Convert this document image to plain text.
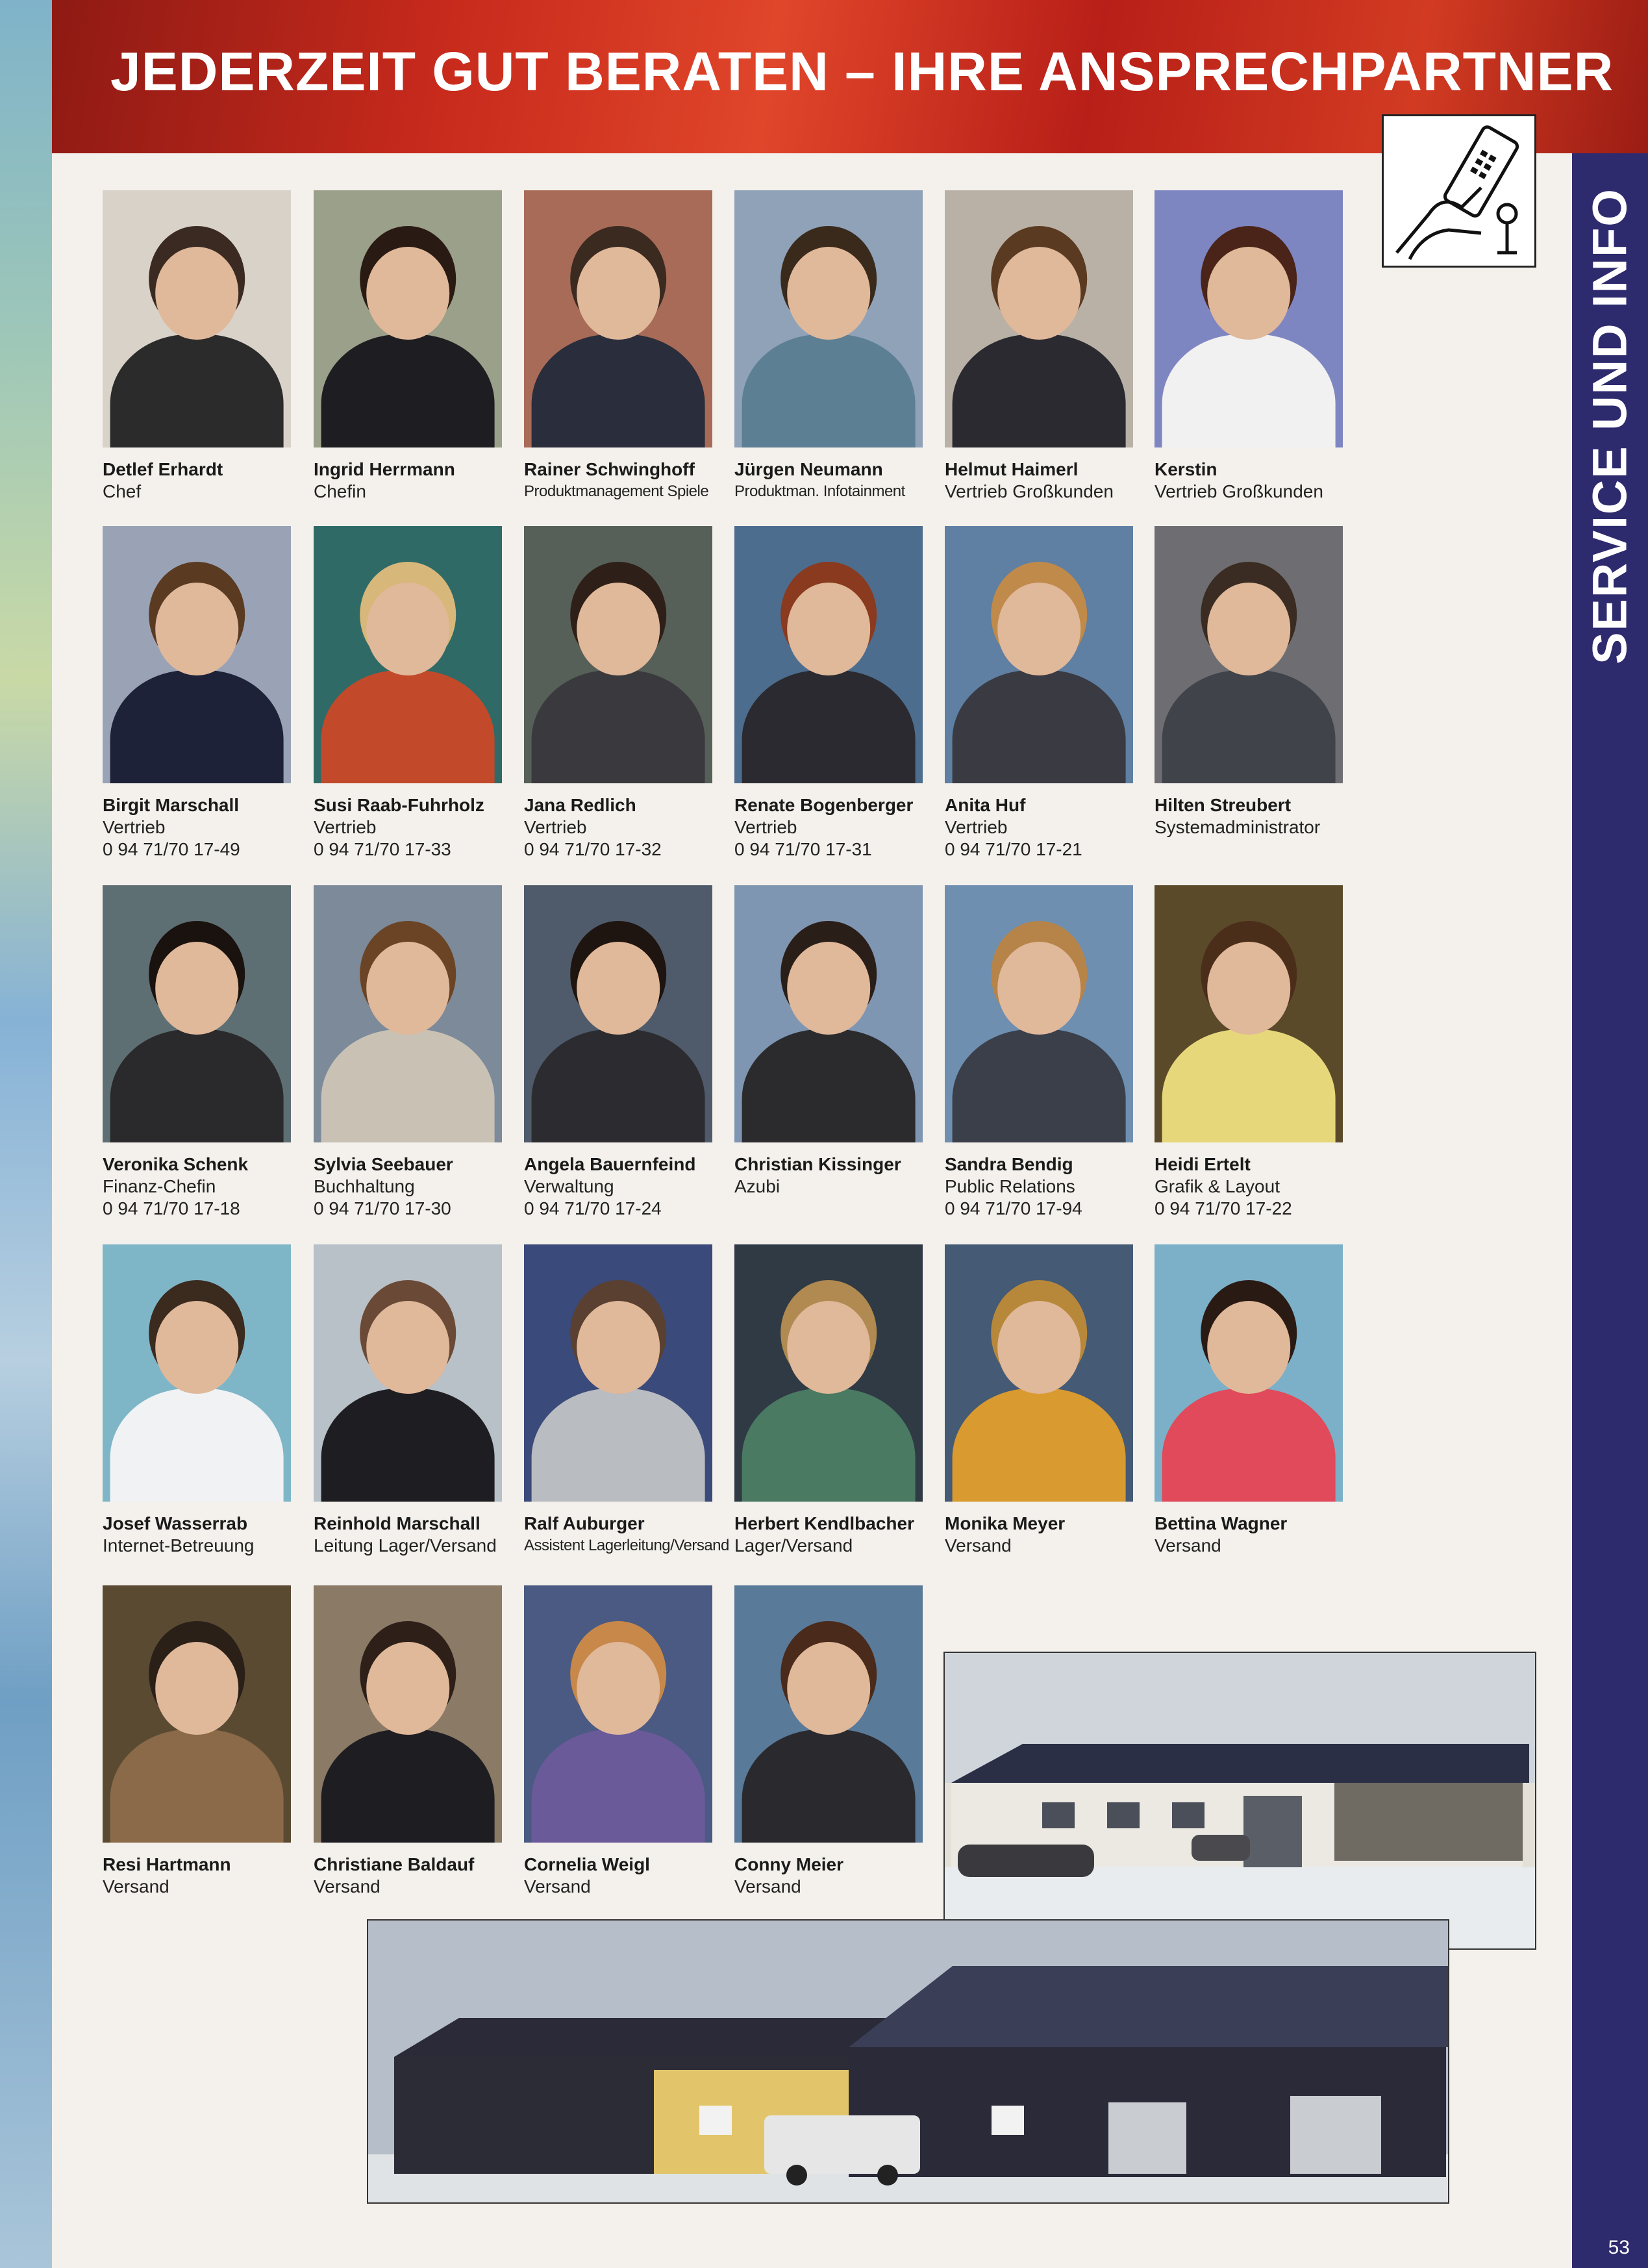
JEDERZEIT GUT BERATEN – IHRE ANSPRECHPARTNER
SERVICE UND INFO
Detlef Erhardt
Chef
Ingrid Herrmann
Chefin
Rainer Schwinghoff
Produktmanagement Spiele
Jürgen Neumann
Produktman. Infotainment
Helmut Haimerl
Vertrieb Großkunden
Kerstin
Vertrieb Großkunden
Birgit Marschall
Vertrieb
0 94 71/70 17-49
Susi Raab-Fuhrholz
Vertrieb
0 94 71/70 17-33
Jana Redlich
Vertrieb
0 94 71/70 17-32
Renate Bogenberger
Vertrieb
0 94 71/70 17-31
Anita Huf
Vertrieb
0 94 71/70 17-21
Hilten Streubert
Systemadministrator
Veronika Schenk
Finanz-Chefin
0 94 71/70 17-18
Sylvia Seebauer
Buchhaltung
0 94 71/70 17-30
Angela Bauernfeind
Verwaltung
0 94 71/70 17-24
Christian Kissinger
Azubi
Sandra Bendig
Public Relations
0 94 71/70 17-94
Heidi Ertelt
Grafik & Layout
0 94 71/70 17-22
Josef Wasserrab
Internet-Betreuung
Reinhold Marschall
Leitung Lager/Versand
Ralf Auburger
Assistent Lagerleitung/Versand
Herbert Kendlbacher
Lager/Versand
Monika Meyer
Versand
Bettina Wagner
Versand
Resi Hartmann
Versand
Christiane Baldauf
Versand
Cornelia Weigl
Versand
Conny Meier
Versand
53
